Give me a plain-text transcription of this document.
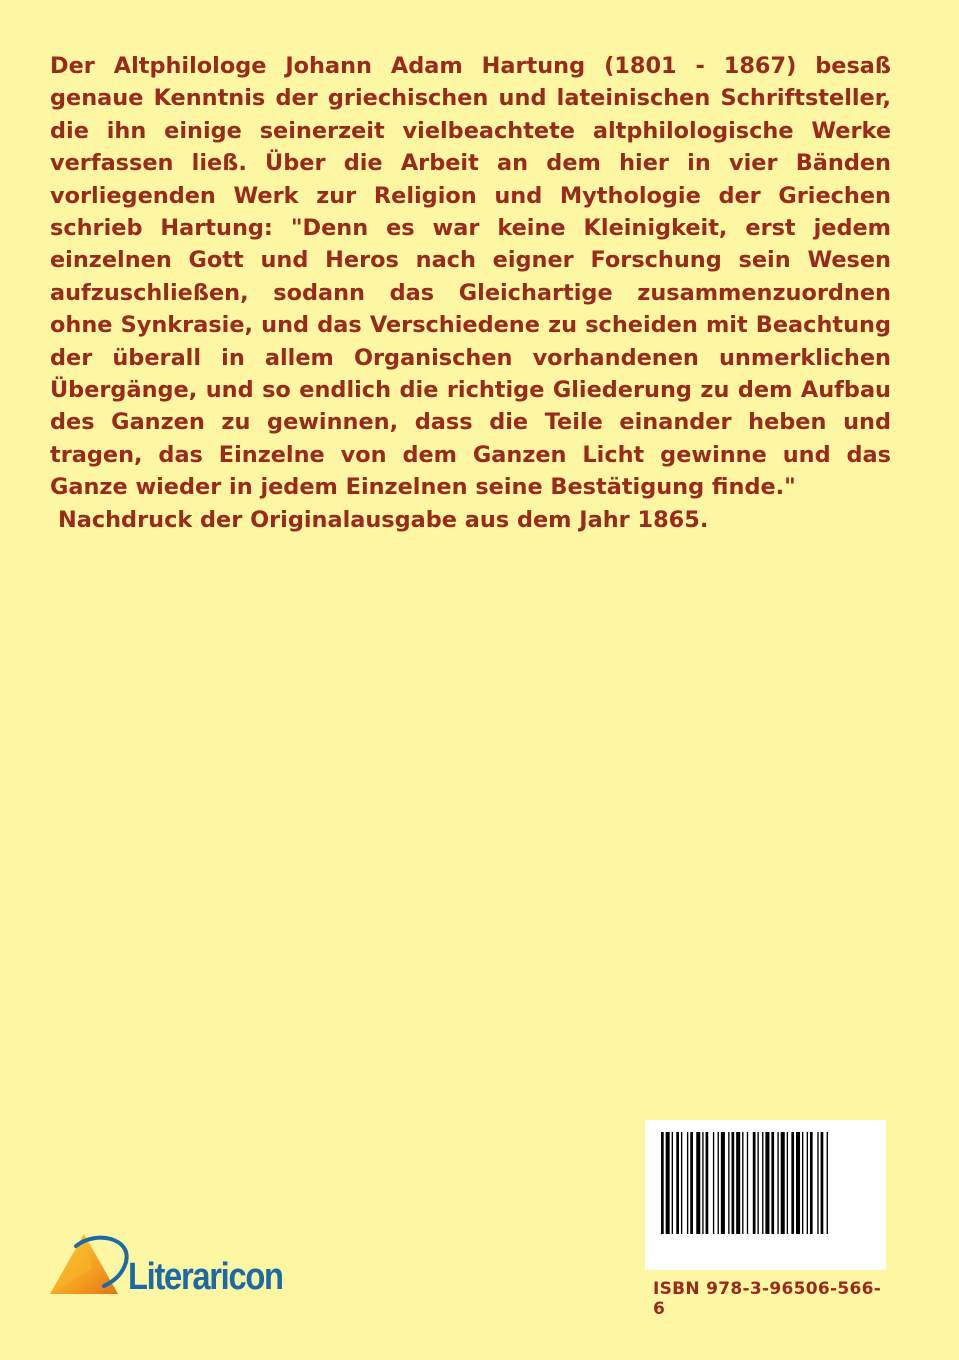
Der Altphilologe Johann Adam Hartung (1801 - 1867) besaß genaue Kenntnis der griechischen und lateinischen Schriftsteller, die ihn einige seinerzeit vielbeachtete altphilologische Werke verfassen ließ. Über die Arbeit an dem hier in vier Bänden vorliegenden Werk zur Religion und Mythologie der Griechen schrieb Hartung: "Denn es war keine Kleinigkeit, erst jedem einzelnen Gott und Heros nach eigner Forschung sein Wesen aufzuschließen, sodann das Gleichartige zusammenzuordnen ohne Synkrasie, und das Verschiedene zu scheiden mit Beachtung der überall in allem Organischen vorhandenen unmerklichen Übergänge, und so endlich die richtige Gliederung zu dem Aufbau des Ganzen zu gewinnen, dass die Teile einander heben und tragen, das Einzelne von dem Ganzen Licht gewinne und das Ganze wieder in jedem Einzelnen seine Bestätigung finde."

Nachdruck der Originalausgabe aus dem Jahr 1865.

ISBN 978-3-96506-566-6
Literaricon
